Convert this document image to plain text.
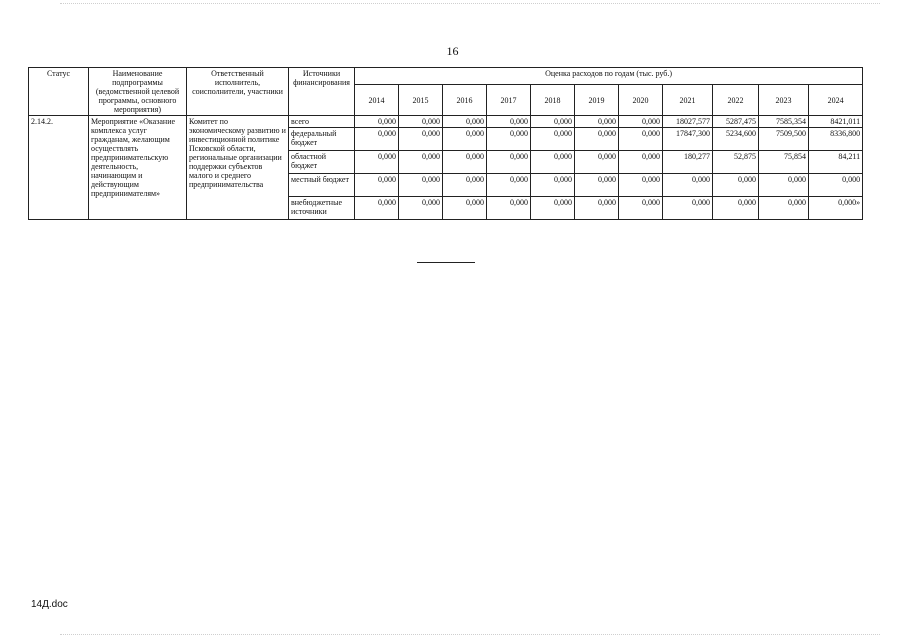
16
Статус	Наименование подпрограммы (ведомственной целевой программы, основного мероприятия)	Ответственный исполнитель, соисполнители, участники	Источники финансирования	Оценка расходов по годам (тыс. руб.)										
				2014	2015	2016	2017	2018	2019	2020	2021	2022	2023	2024
2.14.2.	Мероприятие «Оказание комплекса услуг гражданам, желающим осуществлять предпринимательскую деятельность, начинающим и действующим предпринимателям»	Комитет по экономическому развитию и инвестиционной политике Псковской области, региональные организации поддержки субъектов малого и среднего предпринимательства	всего	0,000	0,000	0,000	0,000	0,000	0,000	0,000	18027,577	5287,475	7585,354	8421,011
			федеральный бюджет	0,000	0,000	0,000	0,000	0,000	0,000	0,000	17847,300	5234,600	7509,500	8336,800
			областной бюджет	0,000	0,000	0,000	0,000	0,000	0,000	0,000	180,277	52,875	75,854	84,211
			местный бюджет	0,000	0,000	0,000	0,000	0,000	0,000	0,000	0,000	0,000	0,000	0,000
			внебюджетные источники	0,000	0,000	0,000	0,000	0,000	0,000	0,000	0,000	0,000	0,000	0,000»
14Д.doc
